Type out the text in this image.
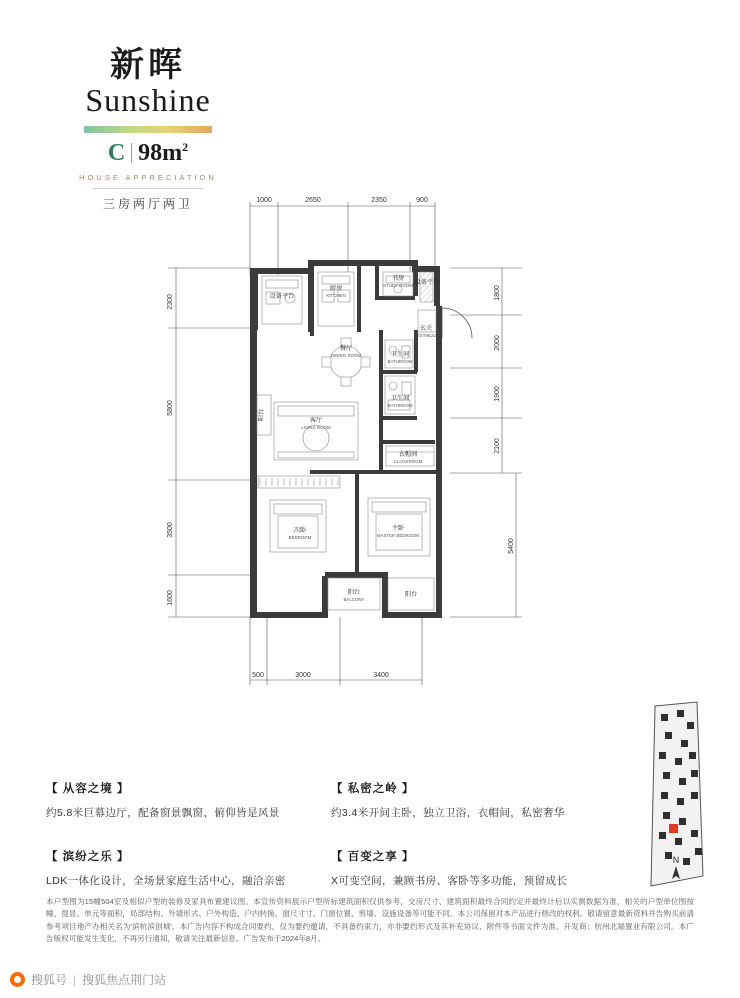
新晖
Sunshine
C $98m^2$
HOUSE APPRECIATION
三房两厅两卫	1000	2650	2350	900
2300
5800
3500
1600
1800
2000
1900
2100
5400
500	3000	3400
设备平台
厨房
KITCHEN
书房
STUDY ROOM 设备平台
餐厅
DINING ROOM
玄关
VESTIBULE
客厅
LIVING ROOM
卫生间
BATHROOM
卫生间
BATHROOM
衣帽间
CLOAKROOM
次卧
BEDROOM
主卧
MASTER BEDROOM
阳台
BALCONY
阳台
阳台
【 从容之境 】
约5.8米巨幕边厅，配备窗景飘窗，俯仰皆是风景
【 私密之岭 】
约3.4米开间主卧，独立卫浴，衣帽间，私密奢华
【 滨纷之乐 】
LDK一体化设计，全场景家庭生活中心，融洽亲密
【 百变之享 】
X可变空间，兼顾书房、客卧等多功能，预留成长
N
本户型图为15幢504室及相似户型的装修及家具布置建议图。本宣传资料展示户型所标建筑面积仅供参考，交房尺寸、建筑面积最终合同约定并最终计后以实测数据为准，相关的户型单位图按幢、提显、单元等面积，局部结构、外墙形式、户外构造、户内转换、窗尺寸寸、门窗位置、剪墙、设施设备等可能不同。本公司保留对本产品进行修改的权利。敬请留意最新资料并告购买前请参考项目地产办相关名为'滨杭滨创城'，本广告内容不构成合同要约，仅为要约邀请，不具备约束力，亦非要约形式及其补充协议，附件等书面文件为准。开发商：杭州北端置业有限公司。本广告版权可能发生变化，不再另行通知，敬请关注最新信息。广告发布于2024年8月。
搜狐号 | 搜狐焦点荆门站
